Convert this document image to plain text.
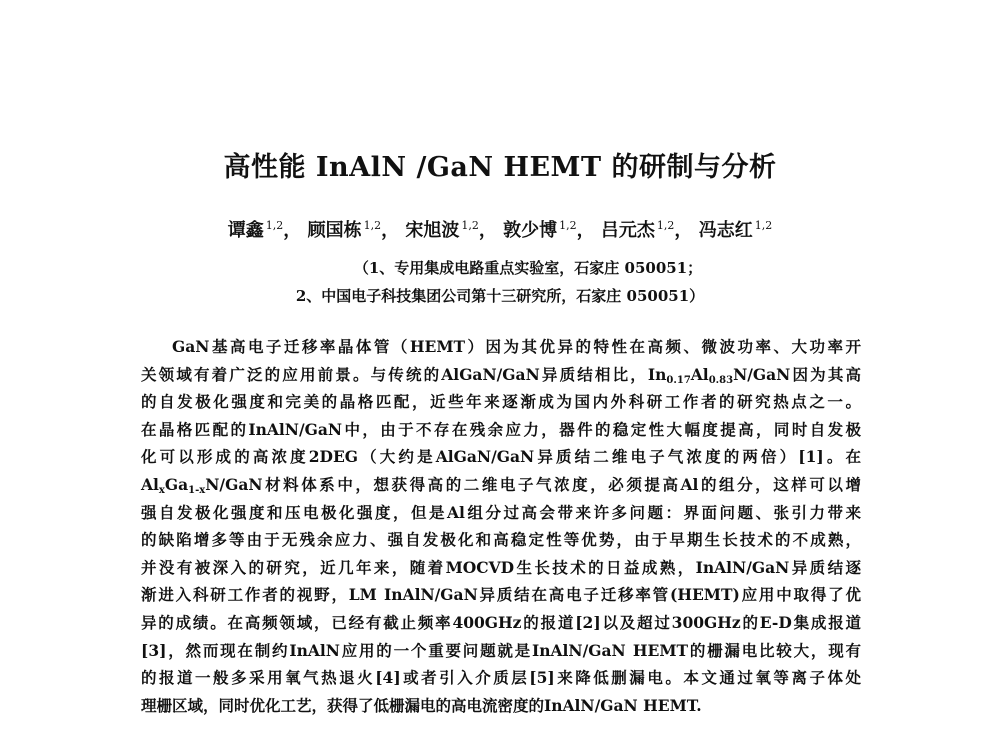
高性能 InAlN /GaN HEMT 的研制与分析
谭鑫 $^{1,2}$， 顾国栋 $^{1,2}$， 宋旭波 $^{1,2}$， 敦少博 $^{1,2}$， 吕元杰 $^{1,2}$， 冯志红 $^{1,2}$
（1、专用集成电路重点实验室，石家庄 050051；
2、中国电子科技集团公司第十三研究所，石家庄 050051）
GaN基高电子迁移率晶体管（HEMT）因为其优异的特性在高频、微波功率、大功率开
关领域有着广泛的应用前景。与传统的AlGaN/GaN异质结相比，$In_{0.17}Al_{0.83}N$/GaN因为其高
的自发极化强度和完美的晶格匹配，近些年来逐渐成为国内外科研工作者的研究热点之一。
在晶格匹配的InAlN/GaN中，由于不存在残余应力，器件的稳定性大幅度提高，同时自发极
化可以形成的高浓度2DEG（大约是AlGaN/GaN异质结二维电子气浓度的两倍）[1]。在
$Al_xGa_{1-x}N$/GaN材料体系中，想获得高的二维电子气浓度，必须提高Al的组分，这样可以增
强自发极化强度和压电极化强度，但是Al组分过高会带来许多问题：界面问题、张引力带来
的缺陷增多等由于无残余应力、强自发极化和高稳定性等优势，由于早期生长技术的不成熟，
并没有被深入的研究，近几年来，随着MOCVD生长技术的日益成熟，InAlN/GaN异质结逐
渐进入科研工作者的视野，LM InAlN/GaN异质结在高电子迁移率管(HEMT)应用中取得了优
异的成绩。在高频领域，已经有截止频率400GHz的报道[2]以及超过300GHz的E-D集成报道
[3]，然而现在制约InAlN应用的一个重要问题就是InAlN/GaN HEMT的栅漏电比较大，现有
的报道一般多采用氧气热退火[4]或者引入介质层[5]来降低删漏电。本文通过氧等离子体处
理栅区域，同时优化工艺，获得了低栅漏电的高电流密度的InAlN/GaN HEMT.
